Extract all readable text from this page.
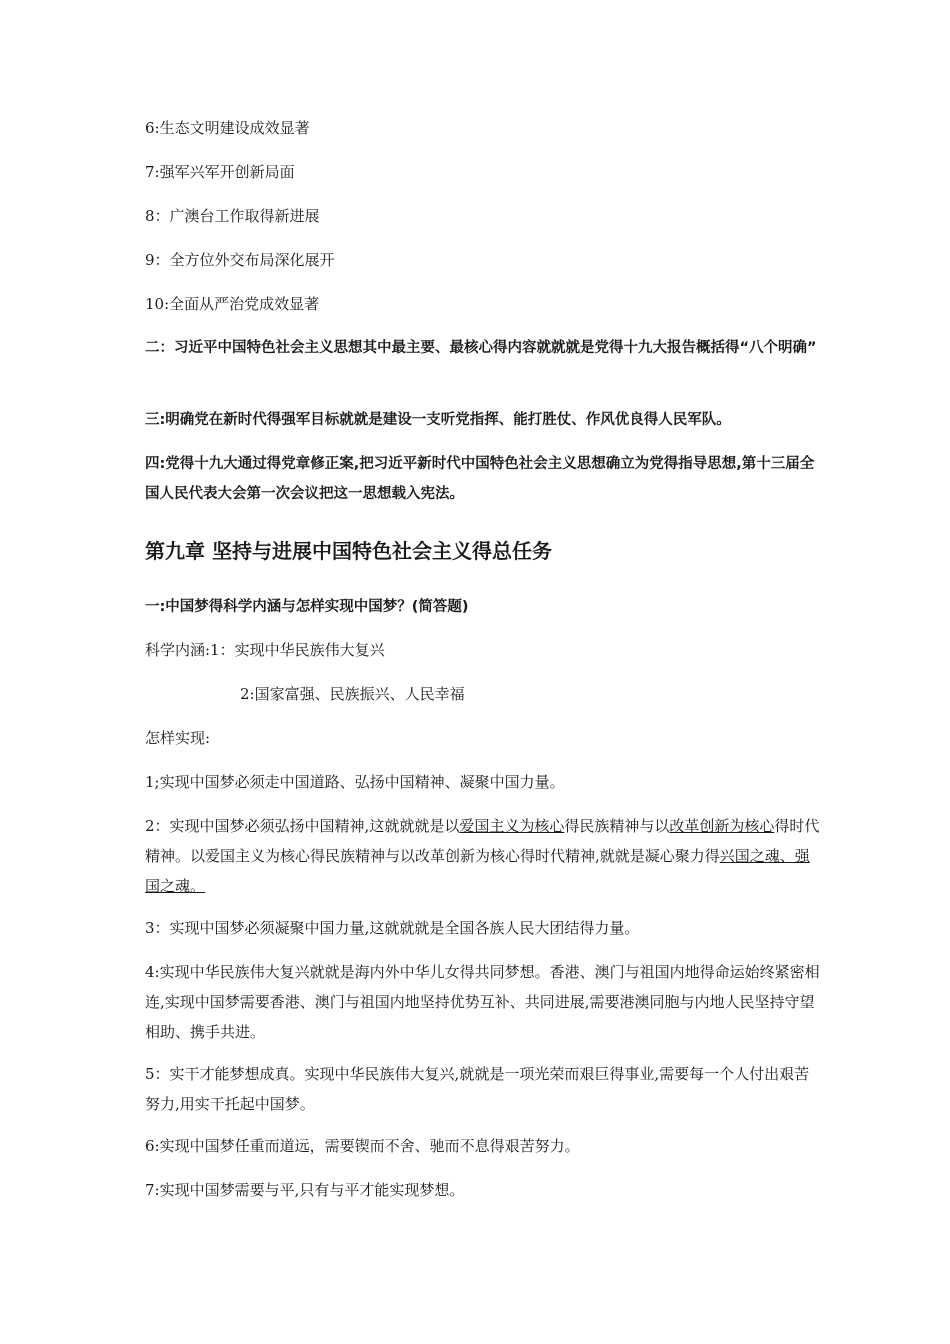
6:生态文明建设成效显著

7:强军兴军开创新局面

8：广澳台工作取得新进展

9：全方位外交布局深化展开

10:全面从严治党成效显著

二：习近平中国特色社会主义思想其中最主要、最核心得内容就就就是党得十九大报告概括得“八个明确”

三:明确党在新时代得强军目标就就是建设一支听党指挥、能打胜仗、作风优良得人民军队。

四:党得十九大通过得党章修正案,把习近平新时代中国特色社会主义思想确立为党得指导思想,第十三届全国人民代表大会第一次会议把这一思想载入宪法。

第九章 坚持与进展中国特色社会主义得总任务

一:中国梦得科学内涵与怎样实现中国梦？(简答题)

科学内涵:1：实现中华民族伟大复兴

2:国家富强、民族振兴、人民幸福

怎样实现:

1;实现中国梦必须走中国道路、弘扬中国精神、凝聚中国力量。

2：实现中国梦必须弘扬中国精神,这就就就是以爱国主义为核心得民族精神与以改革创新为核心得时代精神。以爱国主义为核心得民族精神与以改革创新为核心得时代精神,就就是凝心聚力得兴国之魂、强国之魂。

3：实现中国梦必须凝聚中国力量,这就就就是全国各族人民大团结得力量。

4:实现中华民族伟大复兴就就是海内外中华儿女得共同梦想。香港、澳门与祖国内地得命运始终紧密相连,实现中国梦需要香港、澳门与祖国内地坚持优势互补、共同进展,需要港澳同胞与内地人民坚持守望相助、携手共进。

5：实干才能梦想成真。实现中华民族伟大复兴,就就是一项光荣而艰巨得事业,需要每一个人付出艰苦努力,用实干托起中国梦。

6:实现中国梦任重而道远，需要锲而不舍、驰而不息得艰苦努力。

7:实现中国梦需要与平,只有与平才能实现梦想。
